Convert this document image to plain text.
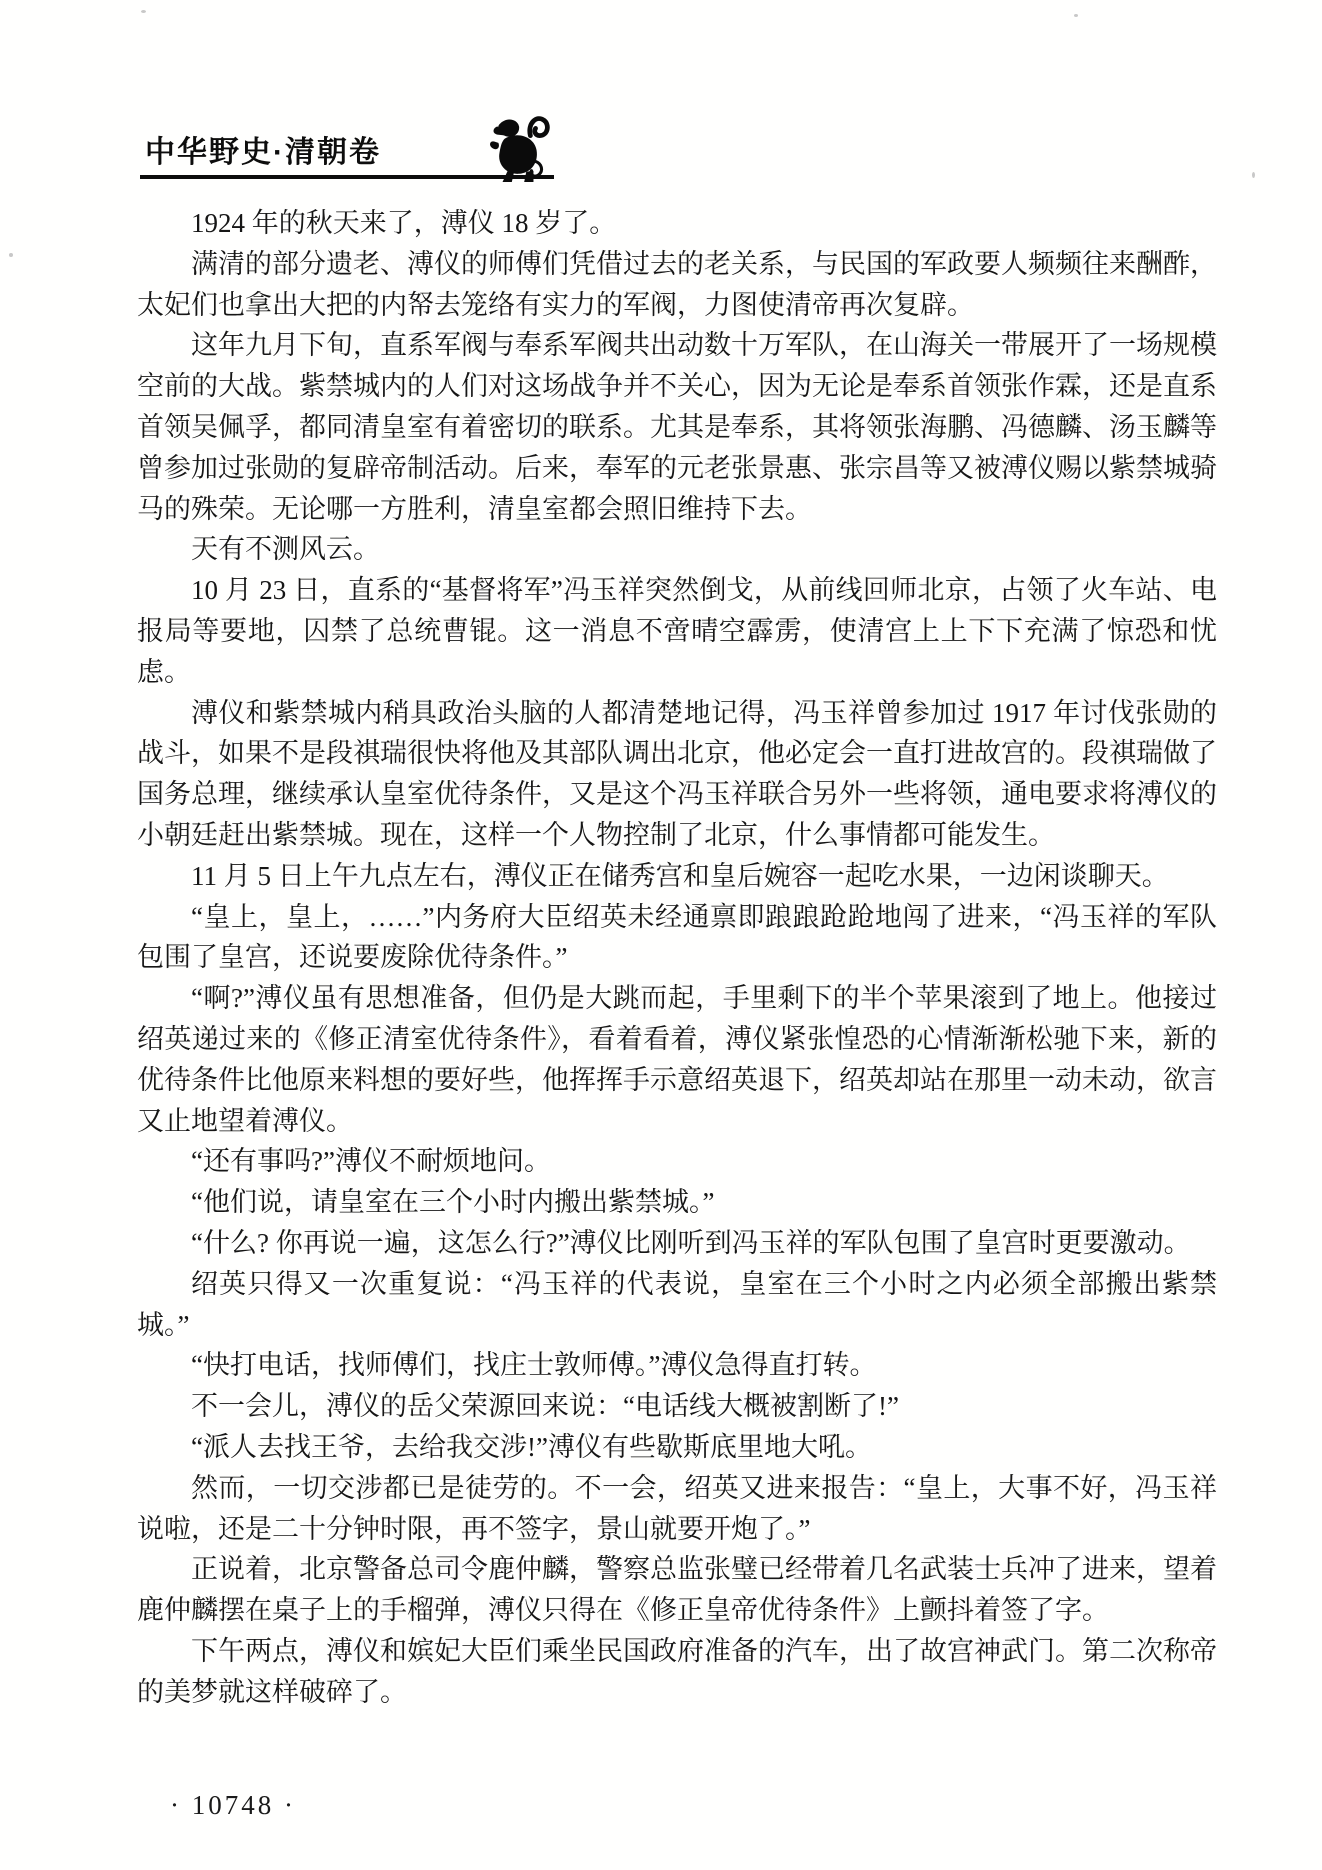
中华野史·清朝卷

1924 年的秋天来了，溥仪 18 岁了。

满清的部分遗老、溥仪的师傅们凭借过去的老关系，与民国的军政要人频频往来酬酢，太妃们也拿出大把的内帑去笼络有实力的军阀，力图使清帝再次复辟。

这年九月下旬，直系军阀与奉系军阀共出动数十万军队，在山海关一带展开了一场规模空前的大战。紫禁城内的人们对这场战争并不关心，因为无论是奉系首领张作霖，还是直系首领吴佩孚，都同清皇室有着密切的联系。尤其是奉系，其将领张海鹏、冯德麟、汤玉麟等曾参加过张勋的复辟帝制活动。后来，奉军的元老张景惠、张宗昌等又被溥仪赐以紫禁城骑马的殊荣。无论哪一方胜利，清皇室都会照旧维持下去。

天有不测风云。

10 月 23 日，直系的“基督将军”冯玉祥突然倒戈，从前线回师北京，占领了火车站、电报局等要地，囚禁了总统曹锟。这一消息不啻晴空霹雳，使清宫上上下下充满了惊恐和忧虑。

溥仪和紫禁城内稍具政治头脑的人都清楚地记得，冯玉祥曾参加过 1917 年讨伐张勋的战斗，如果不是段祺瑞很快将他及其部队调出北京，他必定会一直打进故宫的。段祺瑞做了国务总理，继续承认皇室优待条件，又是这个冯玉祥联合另外一些将领，通电要求将溥仪的小朝廷赶出紫禁城。现在，这样一个人物控制了北京，什么事情都可能发生。

11 月 5 日上午九点左右，溥仪正在储秀宫和皇后婉容一起吃水果，一边闲谈聊天。

“皇上，皇上，……”内务府大臣绍英未经通禀即踉踉跄跄地闯了进来，“冯玉祥的军队包围了皇宫，还说要废除优待条件。”

“啊?”溥仪虽有思想准备，但仍是大跳而起，手里剩下的半个苹果滚到了地上。他接过绍英递过来的《修正清室优待条件》，看着看着，溥仪紧张惶恐的心情渐渐松驰下来，新的优待条件比他原来料想的要好些，他挥挥手示意绍英退下，绍英却站在那里一动未动，欲言又止地望着溥仪。

“还有事吗?”溥仪不耐烦地问。

“他们说，请皇室在三个小时内搬出紫禁城。”

“什么? 你再说一遍，这怎么行?”溥仪比刚听到冯玉祥的军队包围了皇宫时更要激动。

绍英只得又一次重复说：“冯玉祥的代表说，皇室在三个小时之内必须全部搬出紫禁城。”

“快打电话，找师傅们，找庄士敦师傅。”溥仪急得直打转。

不一会儿，溥仪的岳父荣源回来说：“电话线大概被割断了!”

“派人去找王爷，去给我交涉!”溥仪有些歇斯底里地大吼。

然而，一切交涉都已是徒劳的。不一会，绍英又进来报告：“皇上，大事不好，冯玉祥说啦，还是二十分钟时限，再不签字，景山就要开炮了。”

正说着，北京警备总司令鹿仲麟，警察总监张璧已经带着几名武装士兵冲了进来，望着鹿仲麟摆在桌子上的手榴弹，溥仪只得在《修正皇帝优待条件》上颤抖着签了字。

下午两点，溥仪和嫔妃大臣们乘坐民国政府准备的汽车，出了故宫神武门。第二次称帝的美梦就这样破碎了。

· 10748 ·
